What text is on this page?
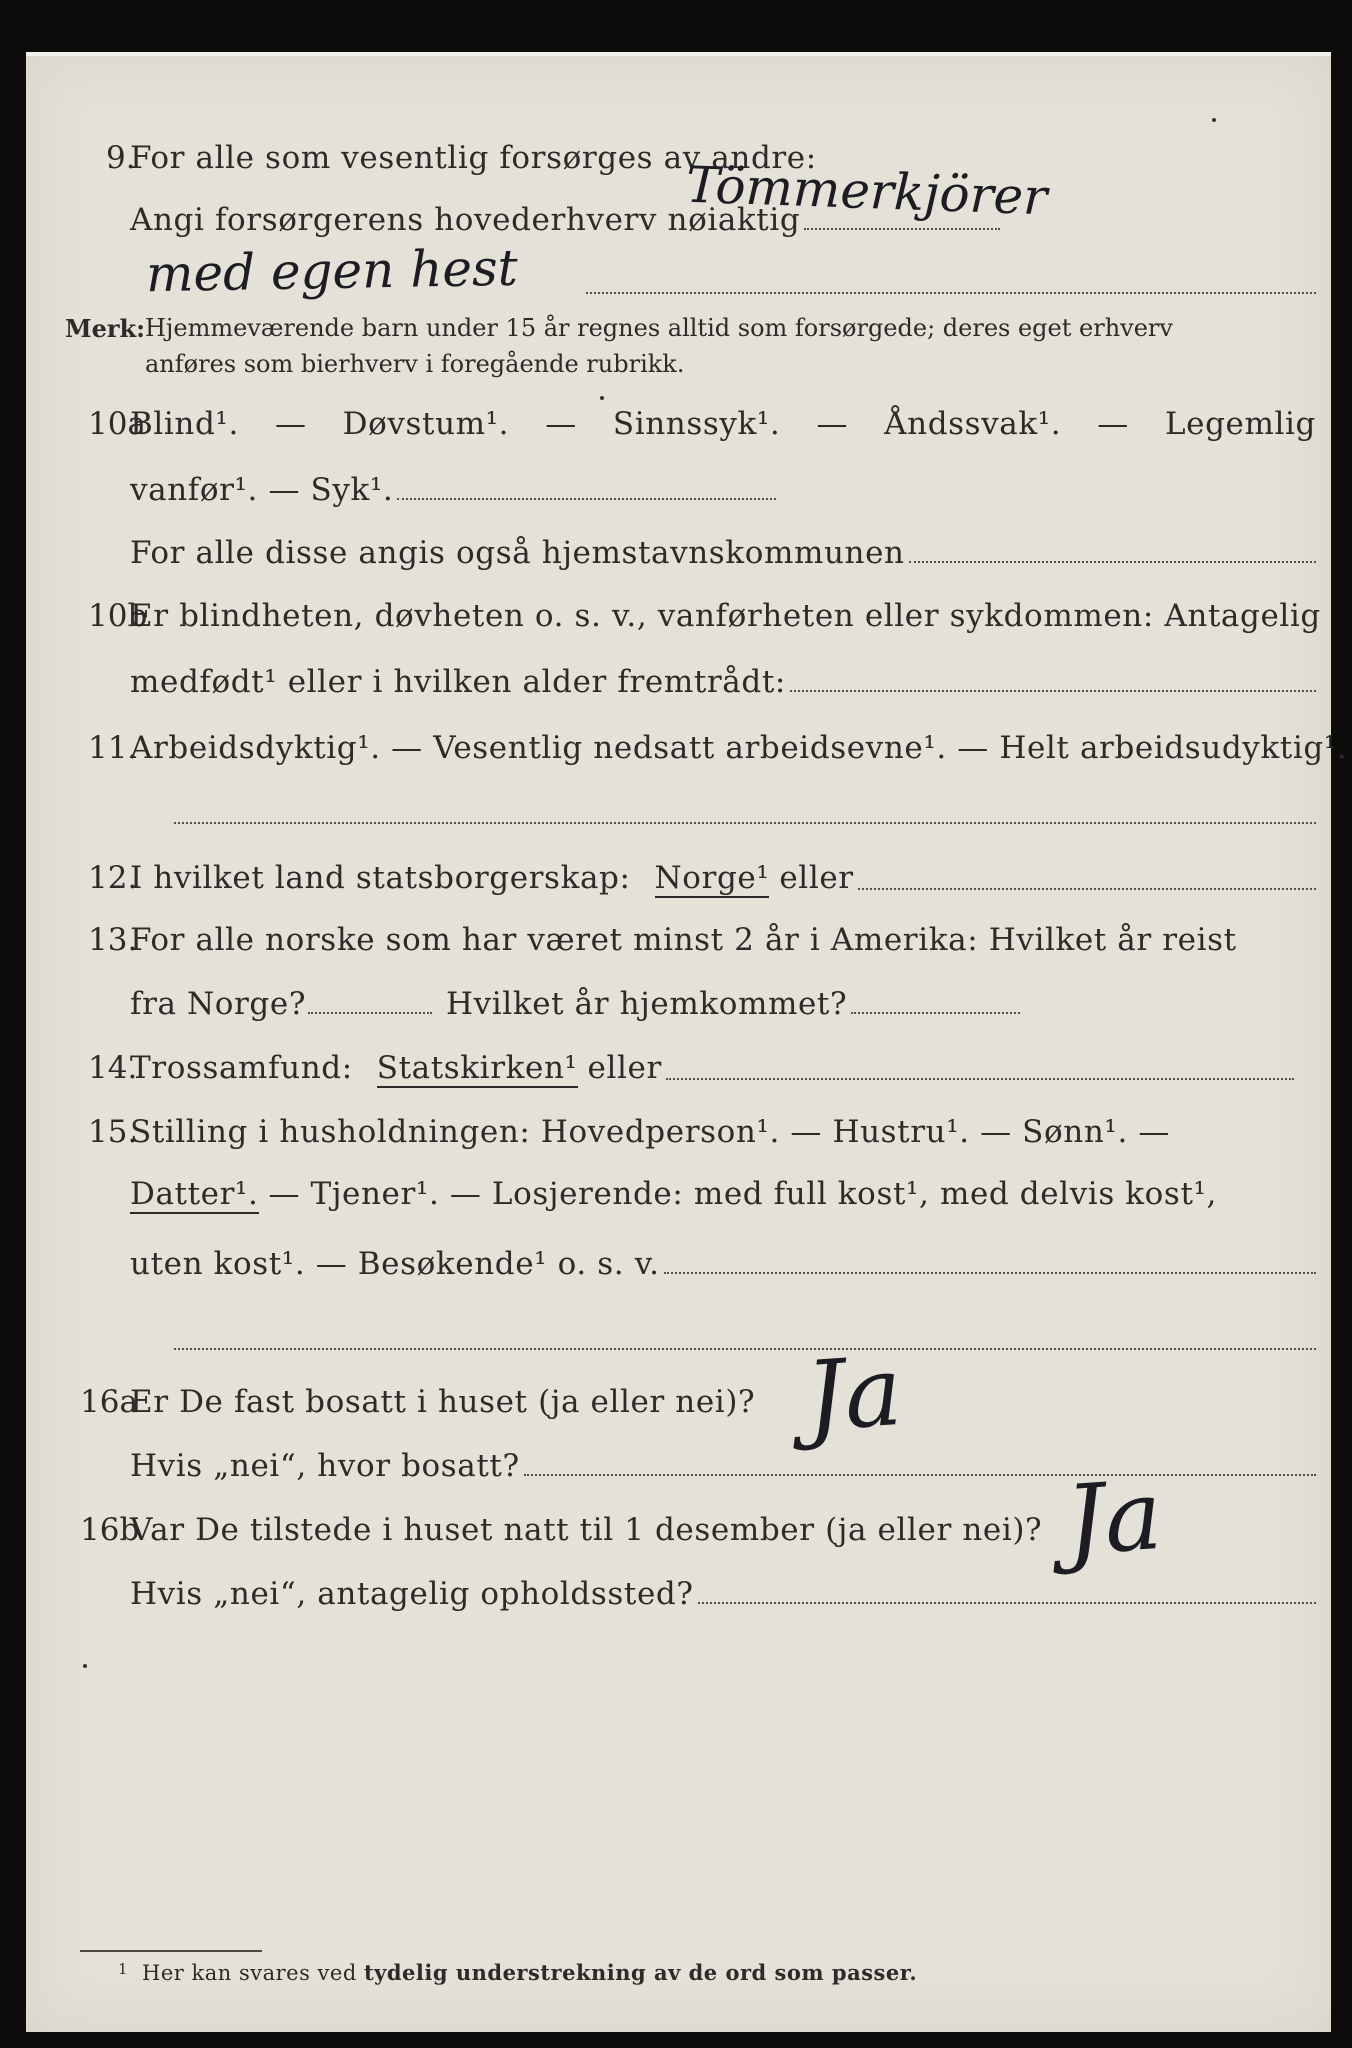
9.
For alle som vesentlig forsørges av andre:
Angi forsørgerens hovederhverv nøiaktig
Tömmerkjörer
med egen hest
Merk: Hjemmeværende barn under 15 år regnes alltid som forsørgede; deres eget erhverv
anføres som bierhverv i foregående rubrikk.
10a
Blind¹. — Døvstum¹. — Sinnssyk¹. — Åndssvak¹. — Legemlig
vanfør¹. — Syk¹.
For alle disse angis også hjemstavnskommunen
10b
Er blindheten, døvheten o. s. v., vanførheten eller sykdommen: Antagelig
medfødt¹ eller i hvilken alder fremtrådt:
11.
Arbeidsdyktig¹. — Vesentlig nedsatt arbeidsevne¹. — Helt arbeidsudyktig¹.
12.
I hvilket land statsborgerskap: Norge¹ eller
13.
For alle norske som har været minst 2 år i Amerika: Hvilket år reist
fra Norge?	Hvilket år hjemkommet?
14.
Trossamfund: Statskirken¹ eller
15.
Stilling i husholdningen: Hovedperson¹. — Hustru¹. — Sønn¹. —
Datter¹. — Tjener¹. — Losjerende: med full kost¹, med delvis kost¹,
uten kost¹. — Besøkende¹ o. s. v.
16a
Er De fast bosatt i huset (ja eller nei)?
Hvis „nei“, hvor bosatt?
Ja
16b
Var De tilstede i huset natt til 1 desember (ja eller nei)?
Hvis „nei“, antagelig opholdssted?
Ja
$^1$ Her kan svares ved tydelig understrekning av de ord som passer.
